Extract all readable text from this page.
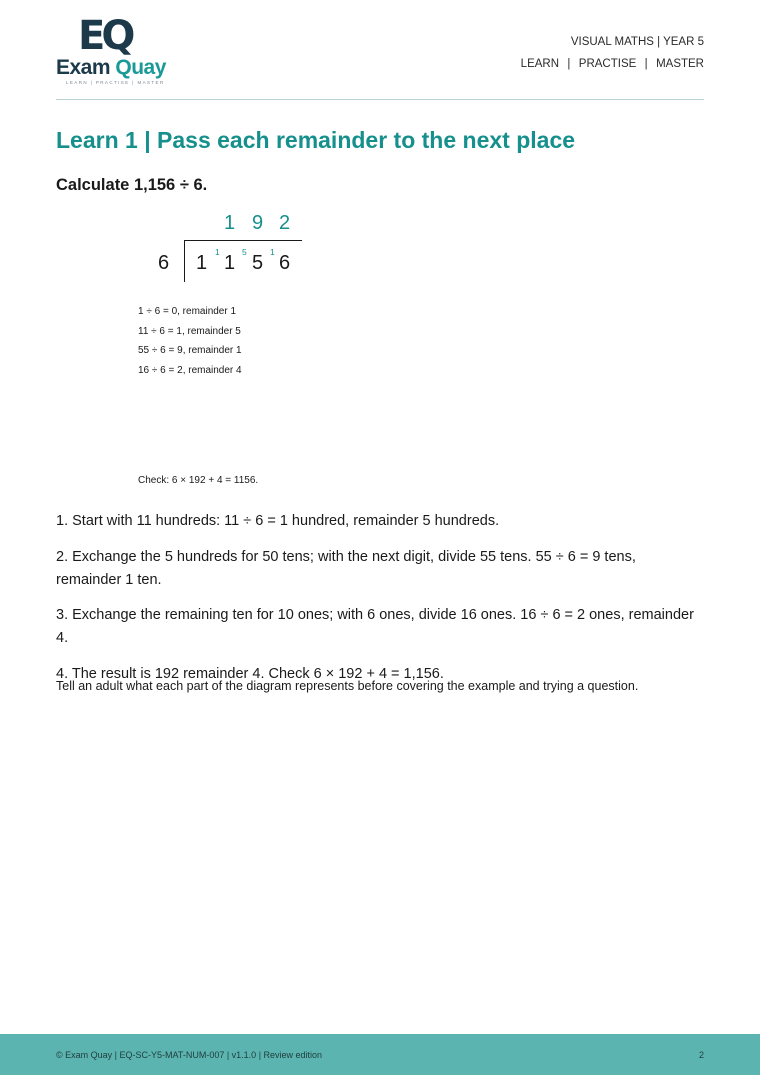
EQ
Exam Quay
LEARN | PRACTISE | MASTER
VISUAL MATHS | YEAR 5
LEARN  |  PRACTISE  |  MASTER
Learn 1 | Pass each remainder to the next place
Calculate 1,156 ÷ 6.
1 9 2
6 1 1 1 5 5 1 6
1 ÷ 6 = 0, remainder 1
11 ÷ 6 = 1, remainder 5
55 ÷ 6 = 9, remainder 1
16 ÷ 6 = 2, remainder 4
Check: 6 × 192 + 4 = 1156.

1. Start with 11 hundreds: 11 ÷ 6 = 1 hundred, remainder 5 hundreds.

2. Exchange the 5 hundreds for 50 tens; with the next digit, divide 55 tens. 55 ÷ 6 = 9 tens, remainder 1 ten.

3. Exchange the remaining ten for 10 ones; with 6 ones, divide 16 ones. 16 ÷ 6 = 2 ones, remainder 4.

4. The result is 192 remainder 4. Check 6 × 192 + 4 = 1,156.

Tell an adult what each part of the diagram represents before covering the example and trying a question.
© Exam Quay | EQ-SC-Y5-MAT-NUM-007 | v1.1.0 | Review edition	2
